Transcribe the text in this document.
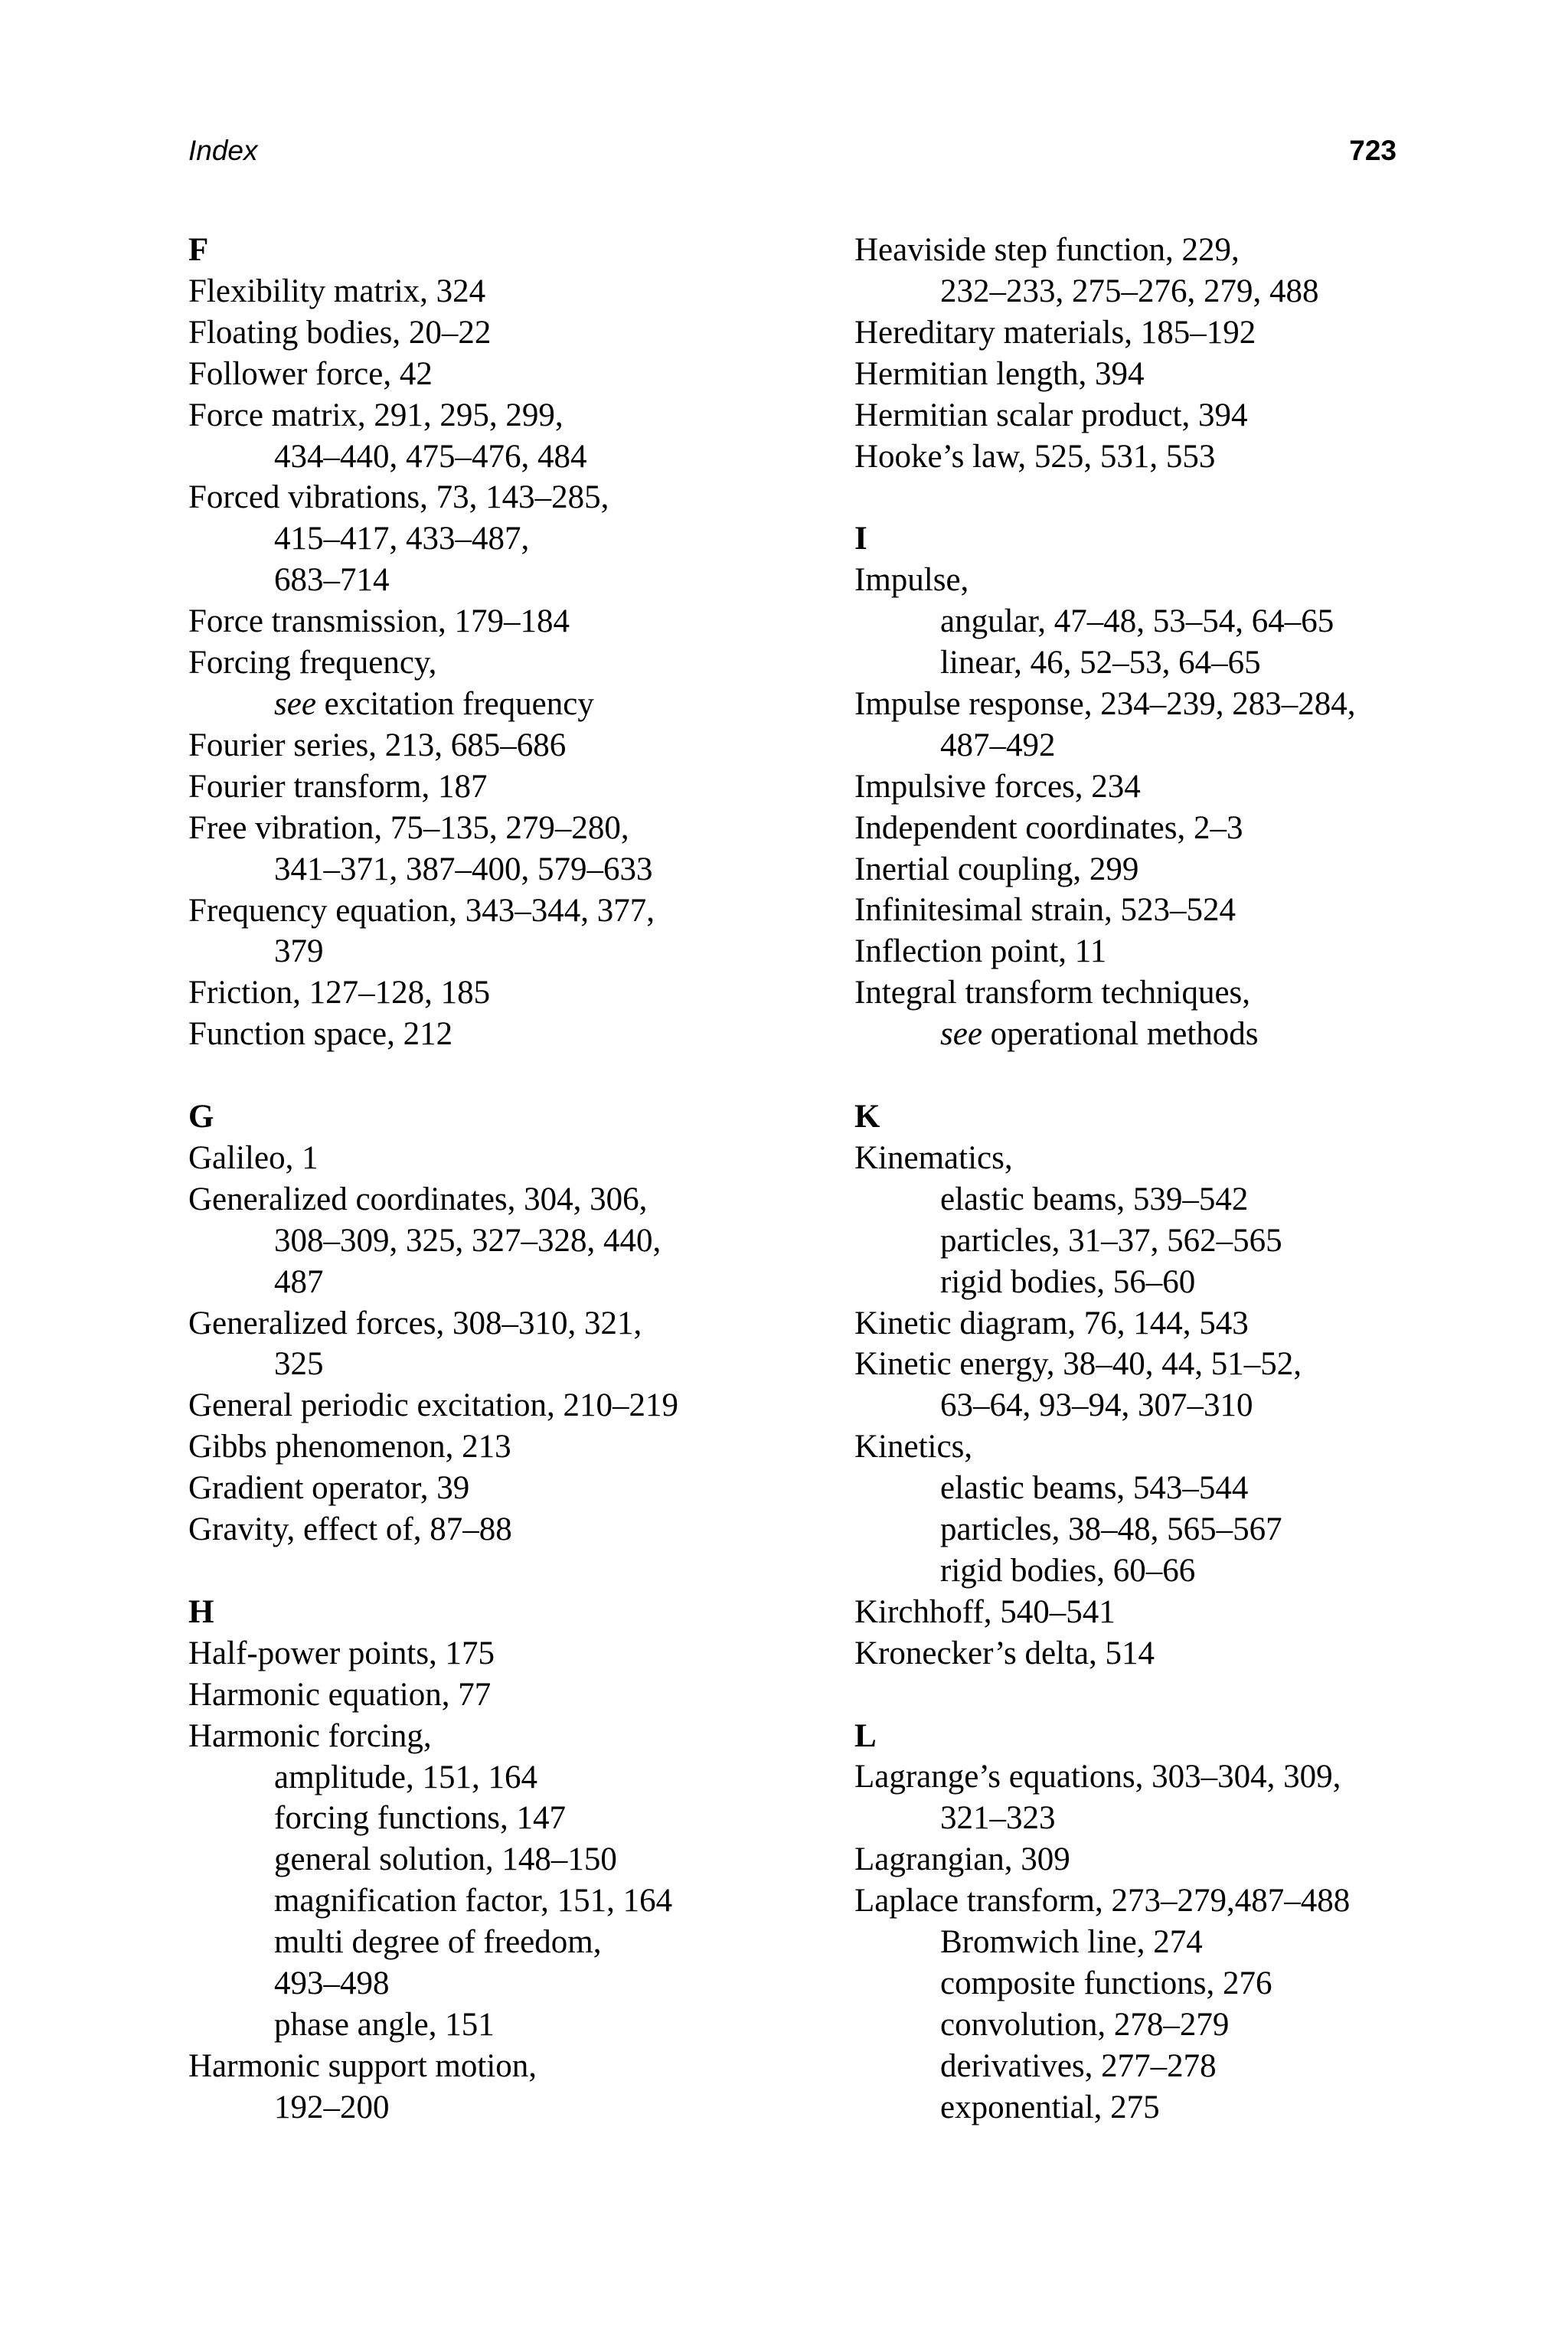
Index	723
F
Flexibility matrix, 324
Floating bodies, 20–22
Follower force, 42
Force matrix, 291, 295, 299,
434–440, 475–476, 484
Forced vibrations, 73, 143–285,
415–417, 433–487,
683–714
Force transmission, 179–184
Forcing frequency,
see excitation frequency
Fourier series, 213, 685–686
Fourier transform, 187
Free vibration, 75–135, 279–280,
341–371, 387–400, 579–633
Frequency equation, 343–344, 377,
379
Friction, 127–128, 185
Function space, 212
G
Galileo, 1
Generalized coordinates, 304, 306,
308–309, 325, 327–328, 440,
487
Generalized forces, 308–310, 321,
325
General periodic excitation, 210–219
Gibbs phenomenon, 213
Gradient operator, 39
Gravity, effect of, 87–88
H
Half-power points, 175
Harmonic equation, 77
Harmonic forcing,
amplitude, 151, 164
forcing functions, 147
general solution, 148–150
magnification factor, 151, 164
multi degree of freedom,
493–498
phase angle, 151
Harmonic support motion,
192–200
Heaviside step function, 229,
232–233, 275–276, 279, 488
Hereditary materials, 185–192
Hermitian length, 394
Hermitian scalar product, 394
Hooke’s law, 525, 531, 553
I
Impulse,
angular, 47–48, 53–54, 64–65
linear, 46, 52–53, 64–65
Impulse response, 234–239, 283–284,
487–492
Impulsive forces, 234
Independent coordinates, 2–3
Inertial coupling, 299
Infinitesimal strain, 523–524
Inflection point, 11
Integral transform techniques,
see operational methods
K
Kinematics,
elastic beams, 539–542
particles, 31–37, 562–565
rigid bodies, 56–60
Kinetic diagram, 76, 144, 543
Kinetic energy, 38–40, 44, 51–52,
63–64, 93–94, 307–310
Kinetics,
elastic beams, 543–544
particles, 38–48, 565–567
rigid bodies, 60–66
Kirchhoff, 540–541
Kronecker’s delta, 514
L
Lagrange’s equations, 303–304, 309,
321–323
Lagrangian, 309
Laplace transform, 273–279,487–488
Bromwich line, 274
composite functions, 276
convolution, 278–279
derivatives, 277–278
exponential, 275
